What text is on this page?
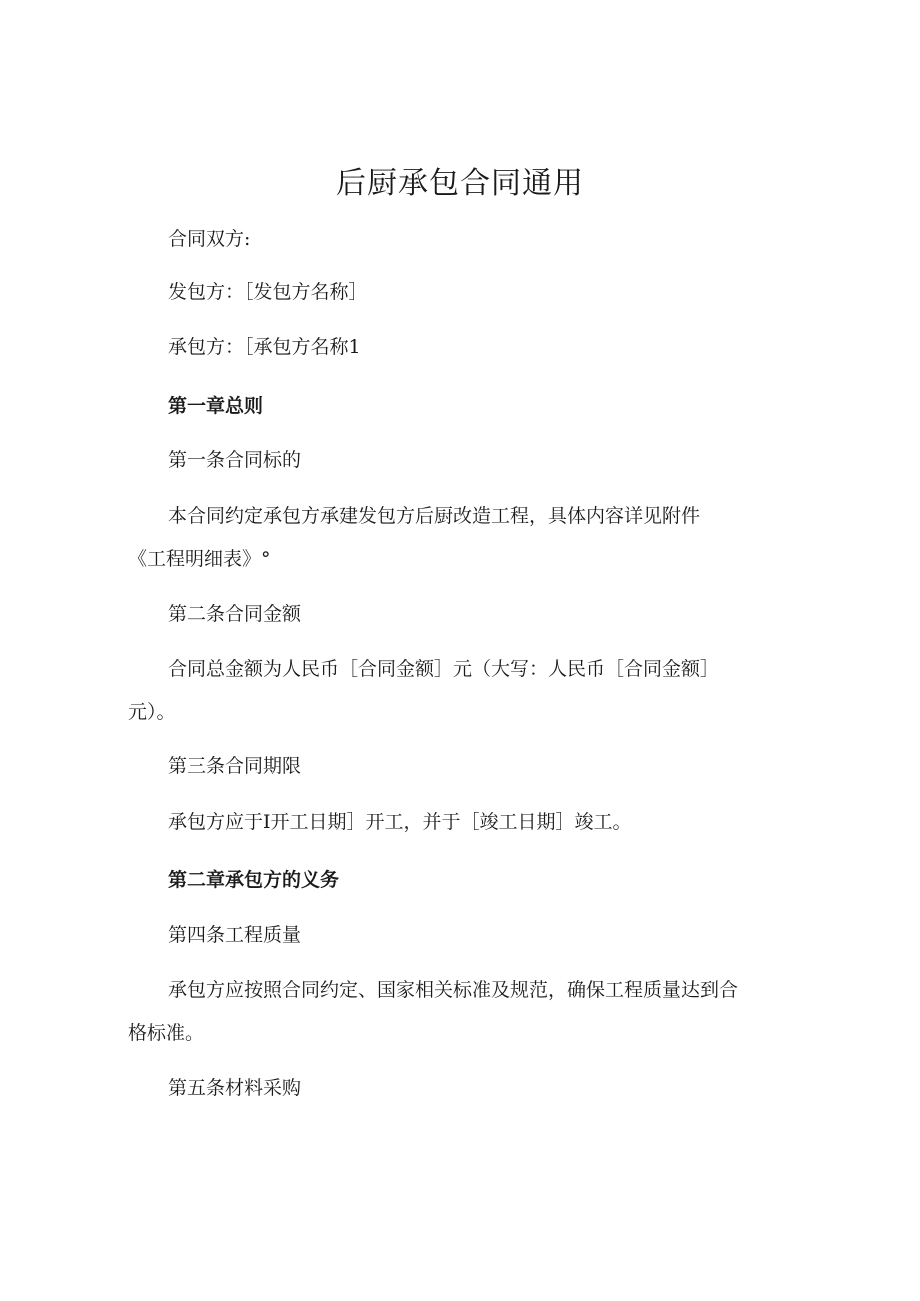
后厨承包合同通用

合同双方:

发包方：［发包方名称］

承包方：［承包方名称1

第一章总则

第一条合同标的

本合同约定承包方承建发包方后厨改造工程，具体内容详见附件

《工程明细表》°

第二条合同金额

合同总金额为人民币［合同金额］元（大写：人民币［合同金额］

元）。

第三条合同期限

承包方应于Ⅰ开工日期］开工，并于［竣工日期］竣工。

第二章承包方的义务

第四条工程质量

承包方应按照合同约定、国家相关标准及规范，确保工程质量达到合

格标准。

第五条材料采购
